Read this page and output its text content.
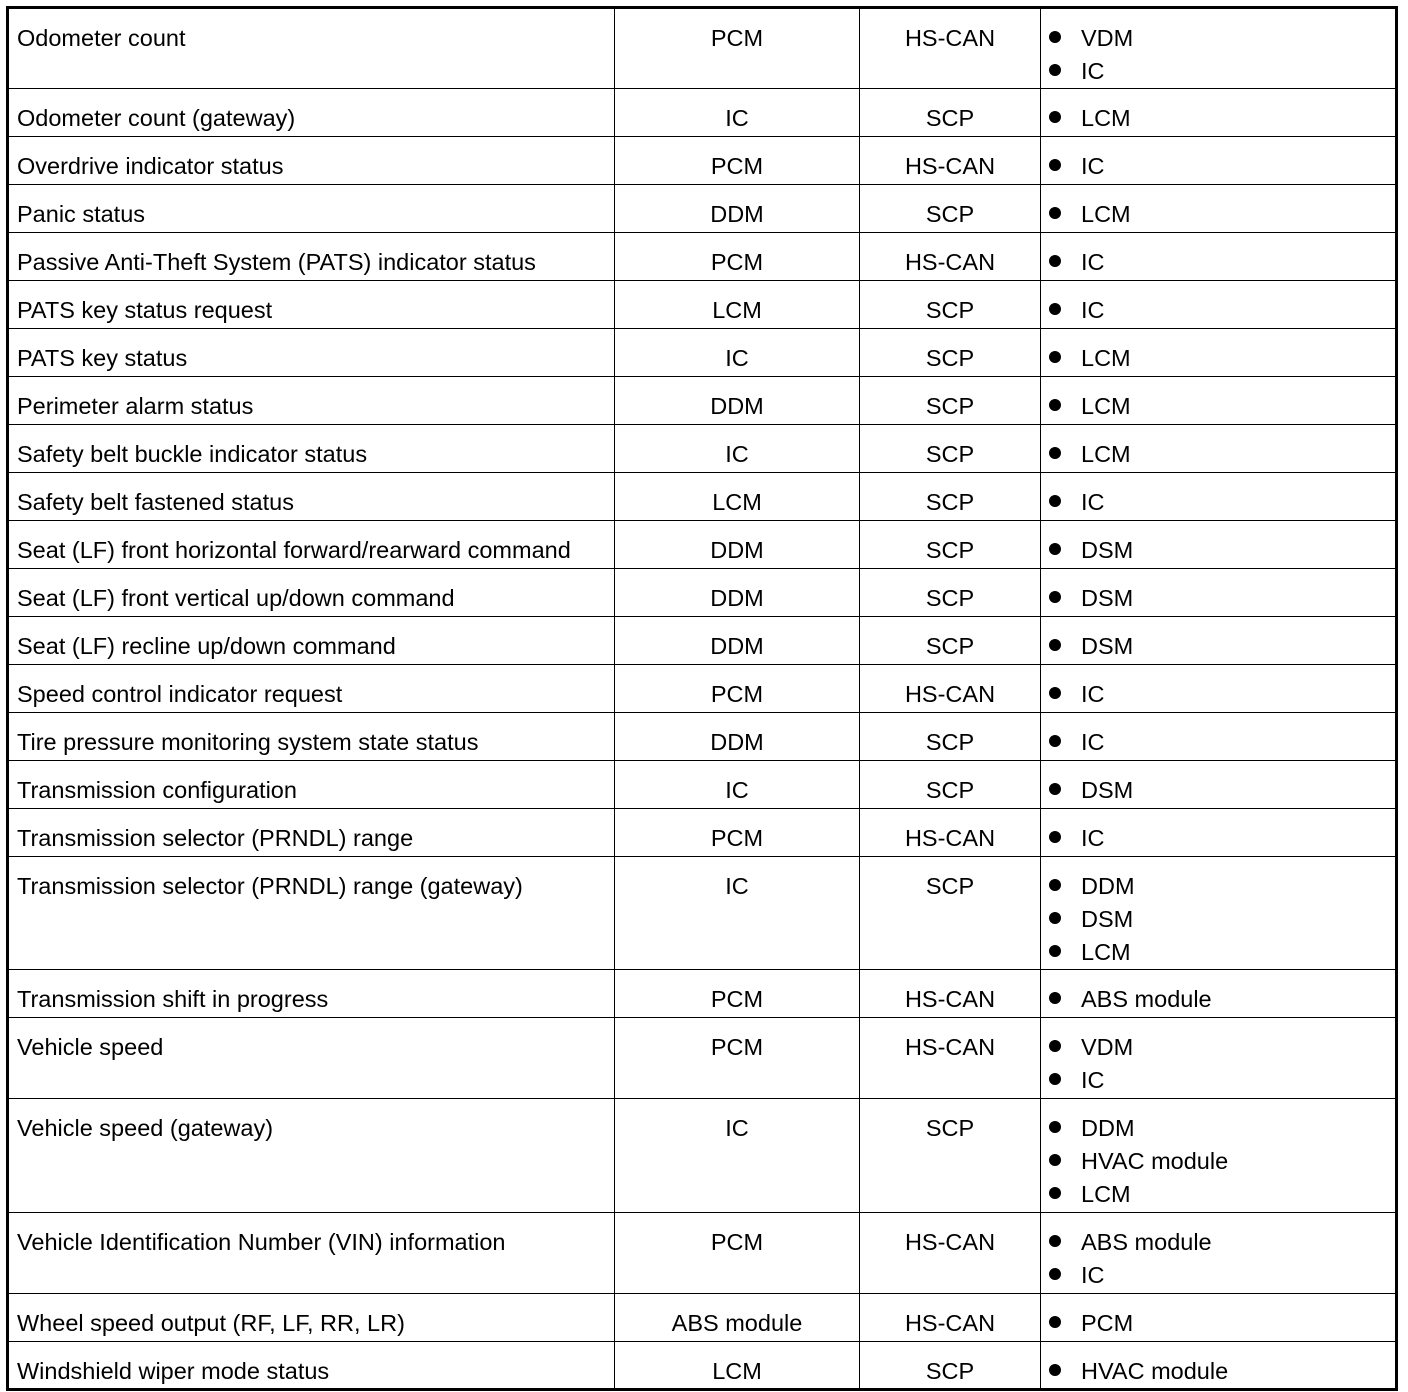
Odometer count	PCM	HS-CAN	VDM
IC

Odometer count (gateway)	IC	SCP	LCM

Overdrive indicator status	PCM	HS-CAN	IC

Panic status	DDM	SCP	LCM

Passive Anti-Theft System (PATS) indicator status	PCM	HS-CAN	IC

PATS key status request	LCM	SCP	IC

PATS key status	IC	SCP	LCM

Perimeter alarm status	DDM	SCP	LCM

Safety belt buckle indicator status	IC	SCP	LCM

Safety belt fastened status	LCM	SCP	IC

Seat (LF) front horizontal forward/rearward command	DDM	SCP	DSM

Seat (LF) front vertical up/down command	DDM	SCP	DSM

Seat (LF) recline up/down command	DDM	SCP	DSM

Speed control indicator request	PCM	HS-CAN	IC

Tire pressure monitoring system state status	DDM	SCP	IC

Transmission configuration	IC	SCP	DSM

Transmission selector (PRNDL) range	PCM	HS-CAN	IC

Transmission selector (PRNDL) range (gateway)	IC	SCP	DDM
DSM
LCM

Transmission shift in progress	PCM	HS-CAN	ABS module

Vehicle speed	PCM	HS-CAN	VDM
IC

Vehicle speed (gateway)	IC	SCP	DDM
HVAC module
LCM

Vehicle Identification Number (VIN) information	PCM	HS-CAN	ABS module
IC

Wheel speed output (RF, LF, RR, LR)	ABS module	HS-CAN	PCM

Windshield wiper mode status	LCM	SCP	HVAC module
